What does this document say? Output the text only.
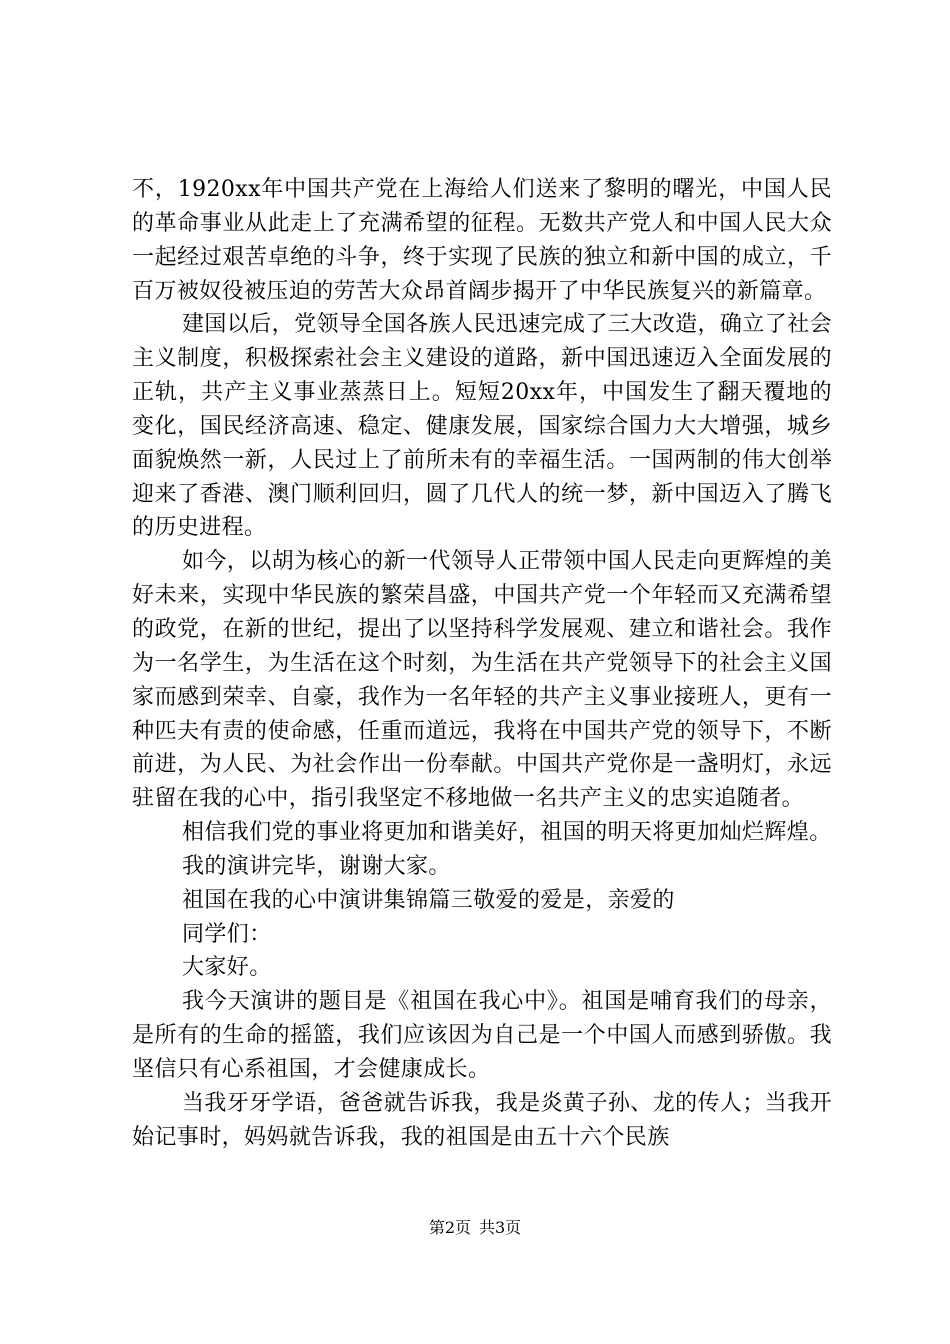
不，1920xx年中国共产党在上海给人们送来了黎明的曙光，中国人民的革命事业从此走上了充满希望的征程。无数共产党人和中国人民大众一起经过艰苦卓绝的斗争，终于实现了民族的独立和新中国的成立，千百万被奴役被压迫的劳苦大众昂首阔步揭开了中华民族复兴的新篇章。

建国以后，党领导全国各族人民迅速完成了三大改造，确立了社会主义制度，积极探索社会主义建设的道路，新中国迅速迈入全面发展的正轨，共产主义事业蒸蒸日上。短短20xx年，中国发生了翻天覆地的变化，国民经济高速、稳定、健康发展，国家综合国力大大增强，城乡面貌焕然一新，人民过上了前所未有的幸福生活。一国两制的伟大创举迎来了香港、澳门顺利回归，圆了几代人的统一梦，新中国迈入了腾飞的历史进程。

如今，以胡为核心的新一代领导人正带领中国人民走向更辉煌的美好未来，实现中华民族的繁荣昌盛，中国共产党一个年轻而又充满希望的政党，在新的世纪，提出了以坚持科学发展观、建立和谐社会。我作为一名学生，为生活在这个时刻，为生活在共产党领导下的社会主义国家而感到荣幸、自豪，我作为一名年轻的共产主义事业接班人，更有一种匹夫有责的使命感，任重而道远，我将在中国共产党的领导下，不断前进，为人民、为社会作出一份奉献。中国共产党你是一盏明灯，永远驻留在我的心中，指引我坚定不移地做一名共产主义的忠实追随者。

相信我们党的事业将更加和谐美好，祖国的明天将更加灿烂辉煌。

我的演讲完毕，谢谢大家。

祖国在我的心中演讲集锦篇三敬爱的爱是，亲爱的

同学们：

大家好。

我今天演讲的题目是《祖国在我心中》。祖国是哺育我们的母亲，是所有的生命的摇篮，我们应该因为自己是一个中国人而感到骄傲。我坚信只有心系祖国，才会健康成长。

当我牙牙学语，爸爸就告诉我，我是炎黄子孙、龙的传人；当我开始记事时，妈妈就告诉我，我的祖国是由五十六个民族

第2页 共3页
